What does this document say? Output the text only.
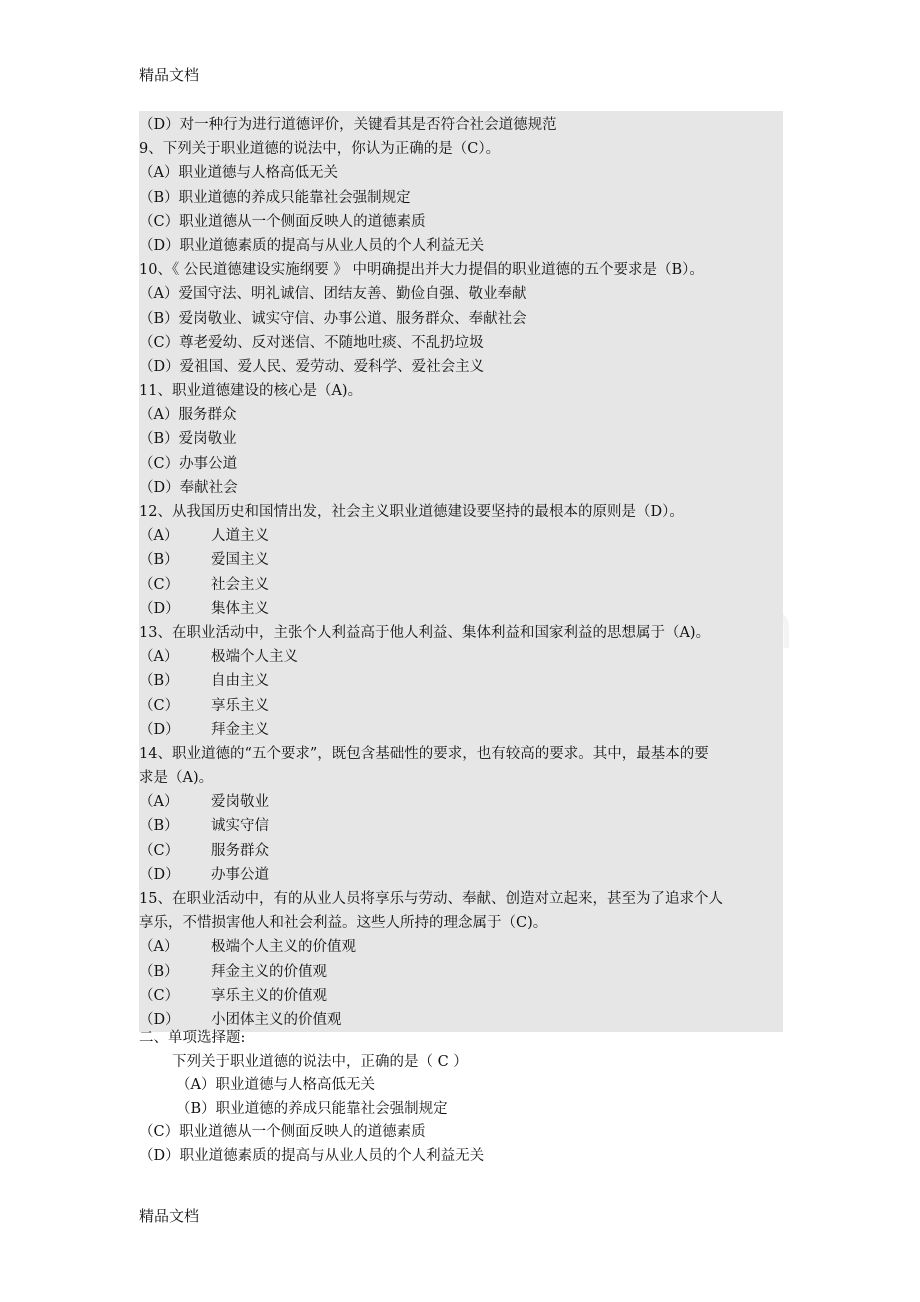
精品文档
（D）对一种行为进行道德评价，关键看其是否符合社会道德规范
9、下列关于职业道德的说法中，你认为正确的是（C）。
（A）职业道德与人格高低无关
（B）职业道德的养成只能靠社会强制规定
（C）职业道德从一个侧面反映人的道德素质
（D）职业道德素质的提高与从业人员的个人利益无关
10、《 公民道德建设实施纲要 》 中明确提出并大力提倡的职业道德的五个要求是（B）。
（A）爱国守法、明礼诚信、团结友善、勤俭自强、敬业奉献
（B）爱岗敬业、诚实守信、办事公道、服务群众、奉献社会
（C）尊老爱幼、反对迷信、不随地吐痰、不乱扔垃圾
（D）爱祖国、爱人民、爱劳动、爱科学、爱社会主义
11、职业道德建设的核心是（A)。
（A）服务群众
（B）爱岗敬业
（C）办事公道
（D）奉献社会
12、从我国历史和国情出发，社会主义职业道德建设要坚持的最根本的原则是（D）。
（A）	人道主义
（B）	爱国主义
（C）	社会主义
（D）	集体主义
13、在职业活动中，主张个人利益高于他人利益、集体利益和国家利益的思想属于（A)。
（A）	极端个人主义
（B）	自由主义
（C）	享乐主义
（D）	拜金主义
14、职业道德的“五个要求”，既包含基础性的要求，也有较高的要求。其中，最基本的要
求是（A)。
（A）	爱岗敬业
（B）	诚实守信
（C）	服务群众
（D）	办事公道
15、在职业活动中，有的从业人员将享乐与劳动、奉献、创造对立起来，甚至为了追求个人
享乐，不惜损害他人和社会利益。这些人所持的理念属于（C)。
（A）	极端个人主义的价值观
（B）	拜金主义的价值观
（C）	享乐主义的价值观
（D）	小团体主义的价值观
二、单项选择题:
下列关于职业道德的说法中，正确的是（ C ）
（A）职业道德与人格高低无关
（B）职业道德的养成只能靠社会强制规定
（C）职业道德从一个侧面反映人的道德素质
（D）职业道德素质的提高与从业人员的个人利益无关
精品文档
